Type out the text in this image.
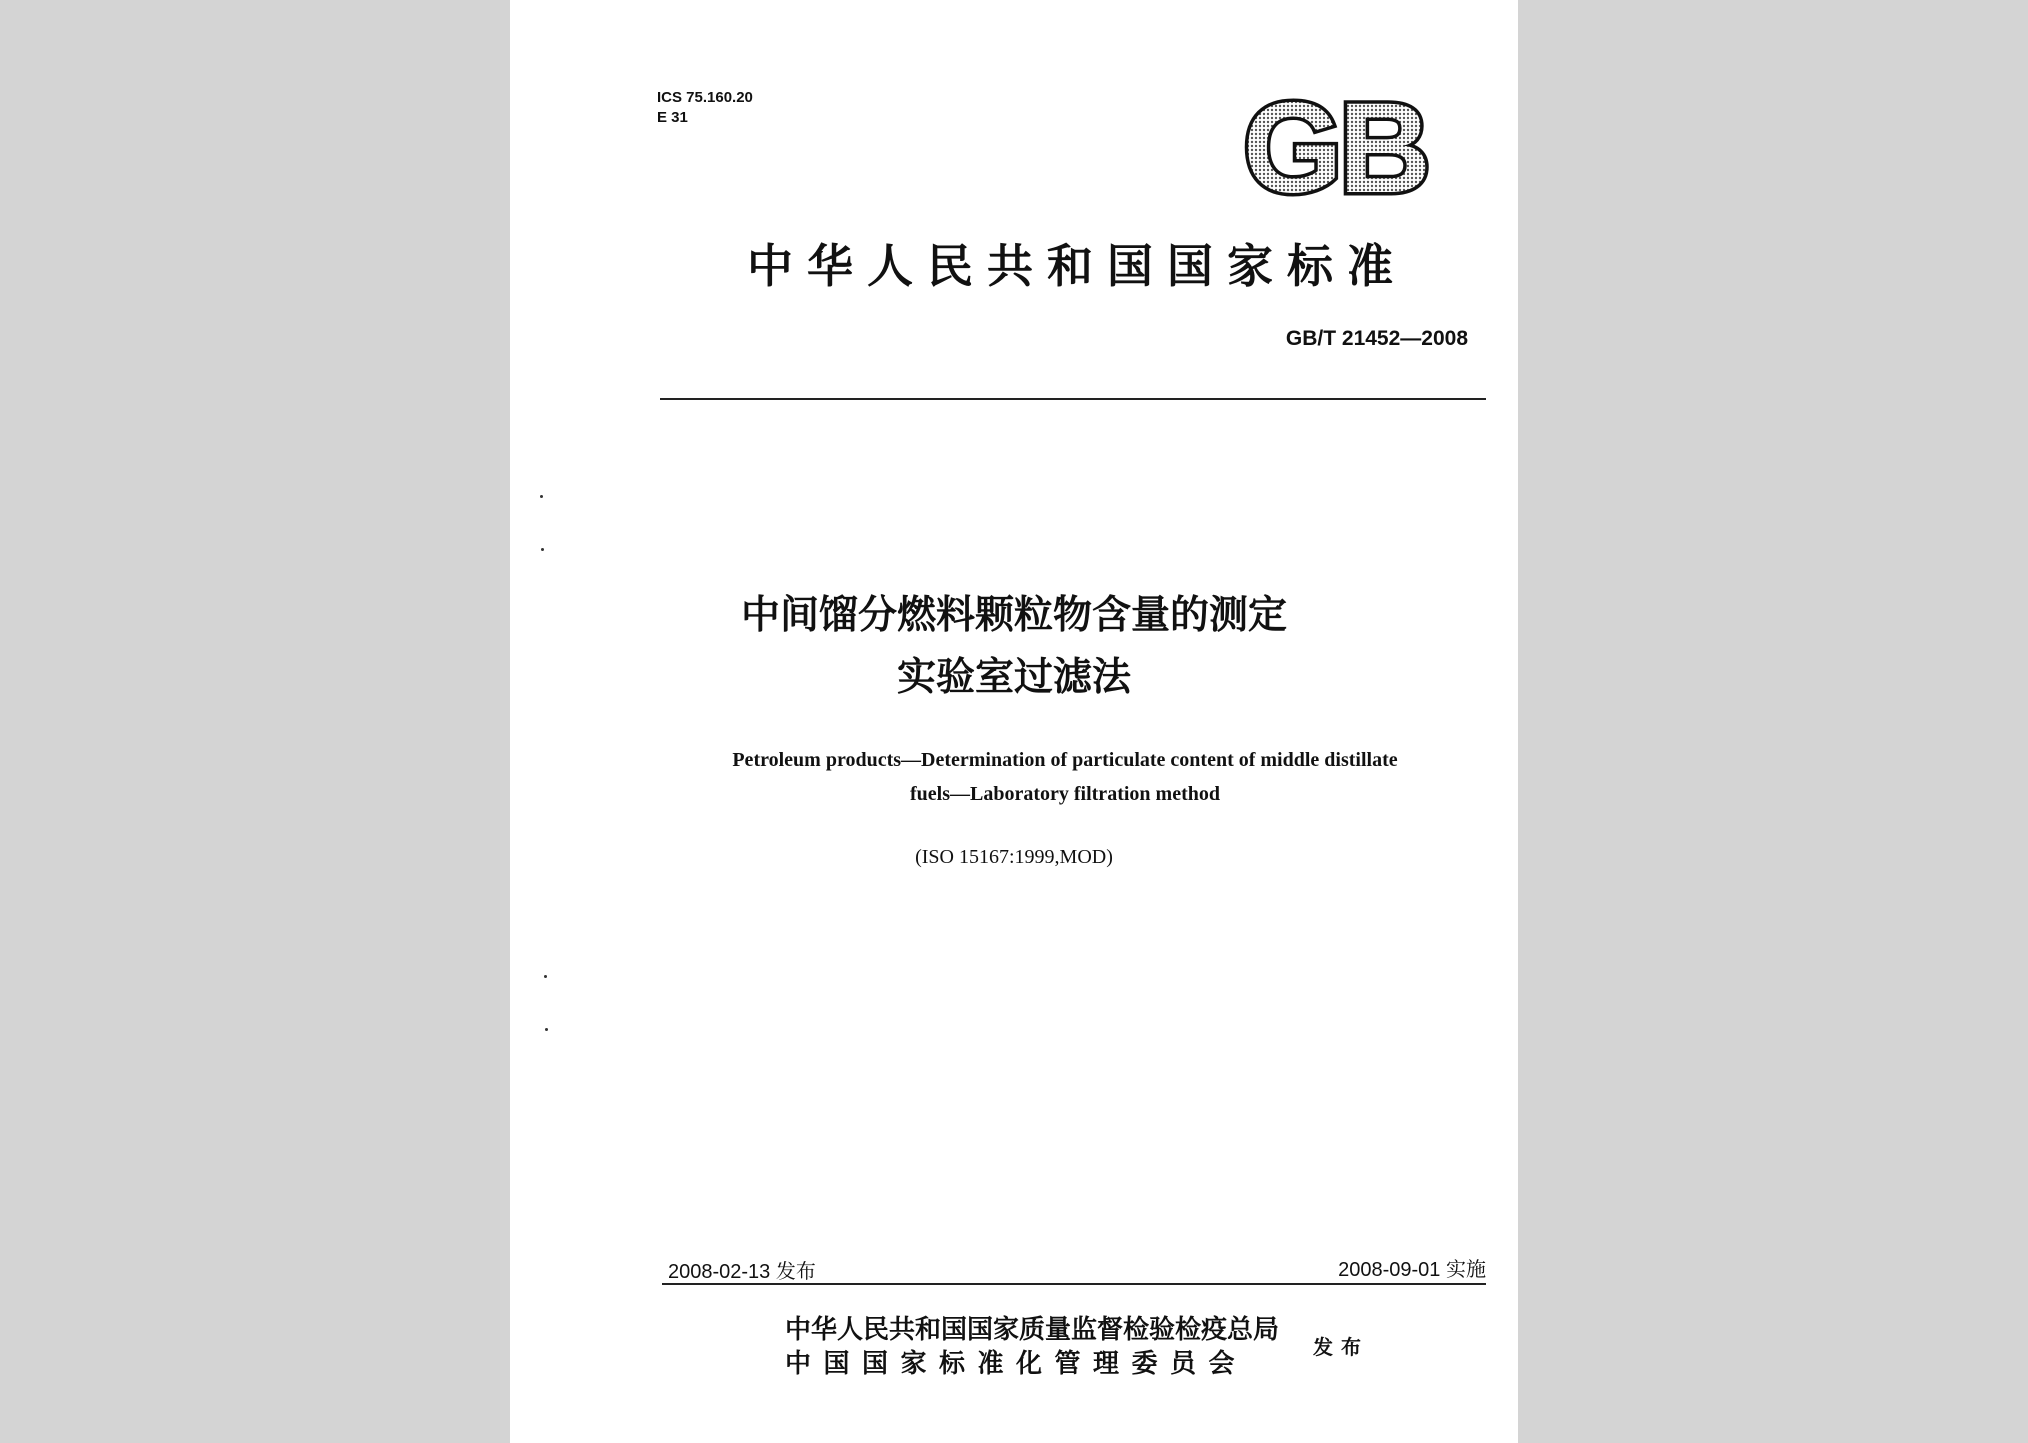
ICS 75.160.20
E 31	GB
中华人民共和国国家标准
GB/T 21452—2008
中间馏分燃料颗粒物含量的测定
实验室过滤法
Petroleum products—Determination of particulate content of middle distillate
fuels—Laboratory filtration method
(ISO 15167:1999,MOD)
2008-02-13 发布	2008-09-01 实施
中华人民共和国国家质量监督检验检疫总局
中国国家标准化管理委员会
发布
